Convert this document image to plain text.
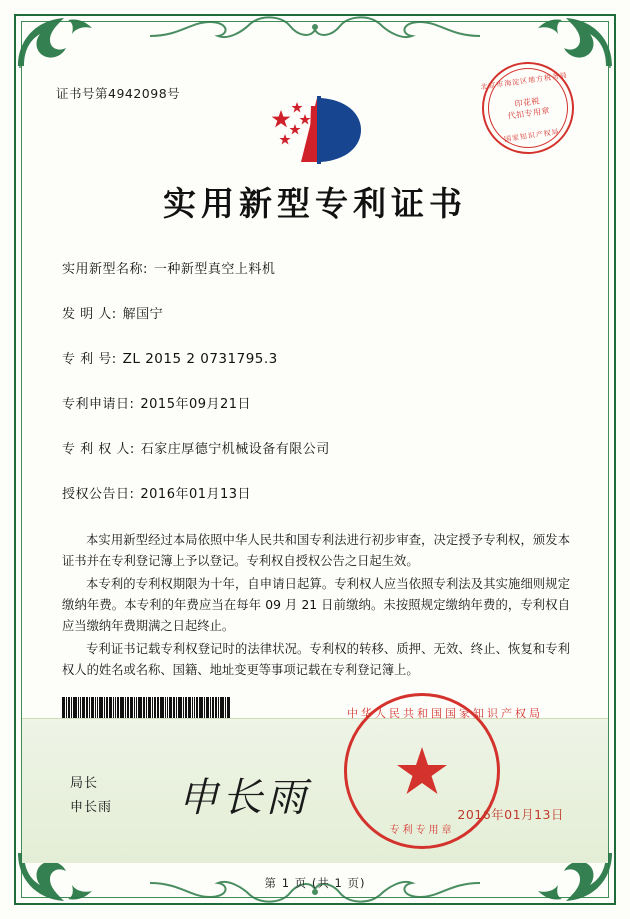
证书号第4942098号
北京市海淀区地方税务局
印花税
代扣专用章
国家知识产权局
实用新型专利证书
实用新型名称: 一种新型真空上料机
发 明 人: 解国宁
专 利 号: ZL 2015 2 0731795.3
专利申请日: 2015年09月21日
专 利 权 人: 石家庄厚德宁机械设备有限公司
授权公告日: 2016年01月13日

本实用新型经过本局依照中华人民共和国专利法进行初步审查，决定授予专利权，颁发本证书并在专利登记簿上予以登记。专利权自授权公告之日起生效。

本专利的专利权期限为十年，自申请日起算。专利权人应当依照专利法及其实施细则规定缴纳年费。本专利的年费应当在每年 09 月 21 日前缴纳。未按照规定缴纳年费的，专利权自应当缴纳年费期满之日起终止。

专利证书记载专利权登记时的法律状况。专利权的转移、质押、无效、终止、恢复和专利权人的姓名或名称、国籍、地址变更等事项记载在专利登记簿上。

局长
申长雨 申长雨
中华人民共和国国家知识产权局
专利专用章
2016年01月13日
第 1 页 (共 1 页)
